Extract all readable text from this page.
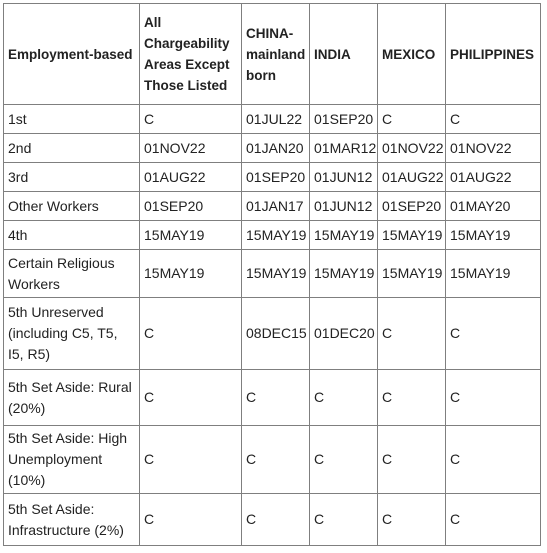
Employment-based	All Chargeability Areas Except Those Listed	CHINA-mainland born	INDIA	MEXICO	PHILIPPINES
1st	C	01JUL22	01SEP20	C	C
2nd	01NOV22	01JAN20	01MAR12	01NOV22	01NOV22
3rd	01AUG22	01SEP20	01JUN12	01AUG22	01AUG22
Other Workers	01SEP20	01JAN17	01JUN12	01SEP20	01MAY20
4th	15MAY19	15MAY19	15MAY19	15MAY19	15MAY19
Certain Religious Workers	15MAY19	15MAY19	15MAY19	15MAY19	15MAY19
5th Unreserved (including C5, T5, I5, R5)	C	08DEC15	01DEC20	C	C
5th Set Aside: Rural (20%)	C	C	C	C	C
5th Set Aside: High Unemployment (10%)	C	C	C	C	C
5th Set Aside: Infrastructure (2%)	C	C	C	C	C
